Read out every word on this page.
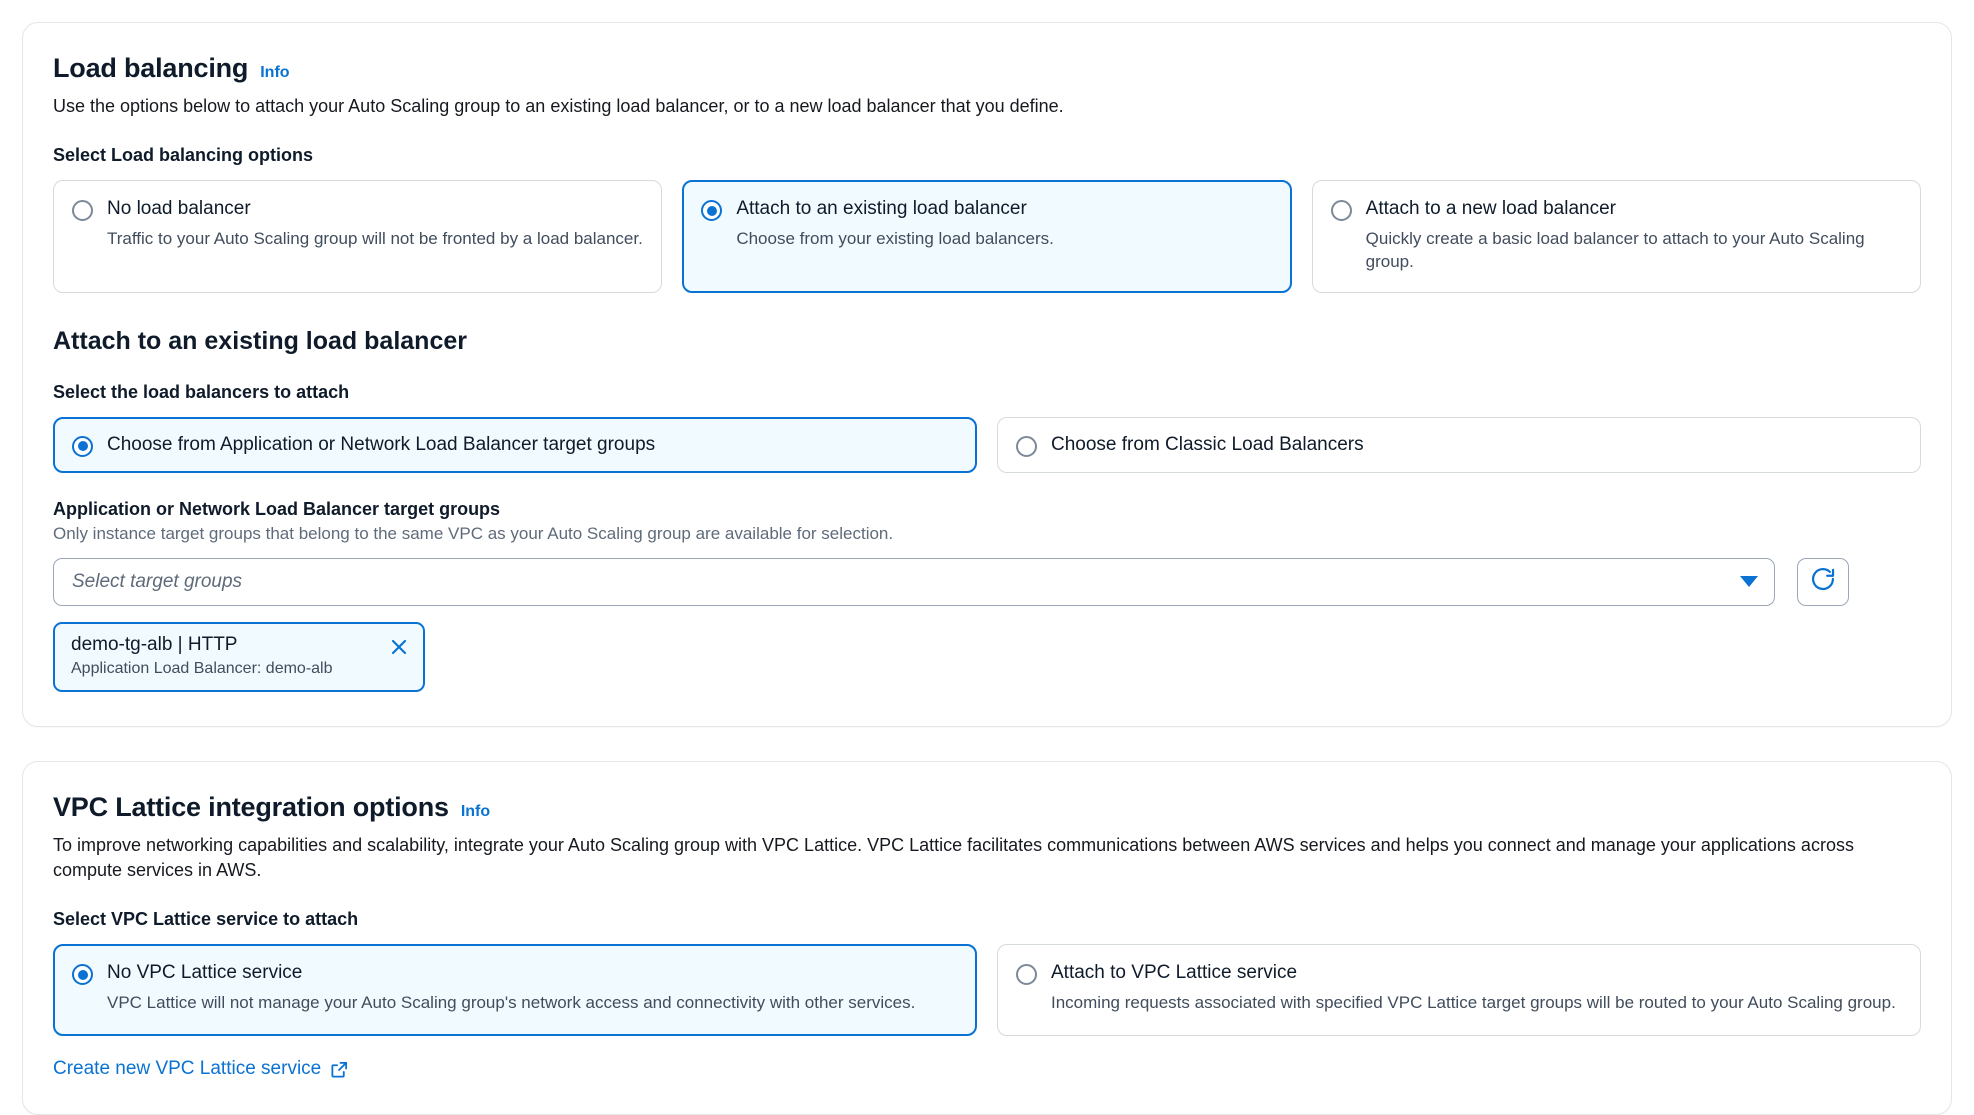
Load balancing Info
Use the options below to attach your Auto Scaling group to an existing load balancer, or to a new load balancer that you define.
Select Load balancing options
No load balancer
Traffic to your Auto Scaling group will not be fronted by a load balancer.
Attach to an existing load balancer
Choose from your existing load balancers.
Attach to a new load balancer
Quickly create a basic load balancer to attach to your Auto Scaling group.
Attach to an existing load balancer
Select the load balancers to attach
Choose from Application or Network Load Balancer target groups	Choose from Classic Load Balancers
Application or Network Load Balancer target groups
Only instance target groups that belong to the same VPC as your Auto Scaling group are available for selection.
Select target groups
demo-tg-alb | HTTP
Application Load Balancer: demo-alb
VPC Lattice integration options Info
To improve networking capabilities and scalability, integrate your Auto Scaling group with VPC Lattice. VPC Lattice facilitates communications between AWS services and helps you connect and manage your applications across compute services in AWS.
Select VPC Lattice service to attach
No VPC Lattice service
VPC Lattice will not manage your Auto Scaling group's network access and connectivity with other services.
Attach to VPC Lattice service
Incoming requests associated with specified VPC Lattice target groups will be routed to your Auto Scaling group.
Create new VPC Lattice service
